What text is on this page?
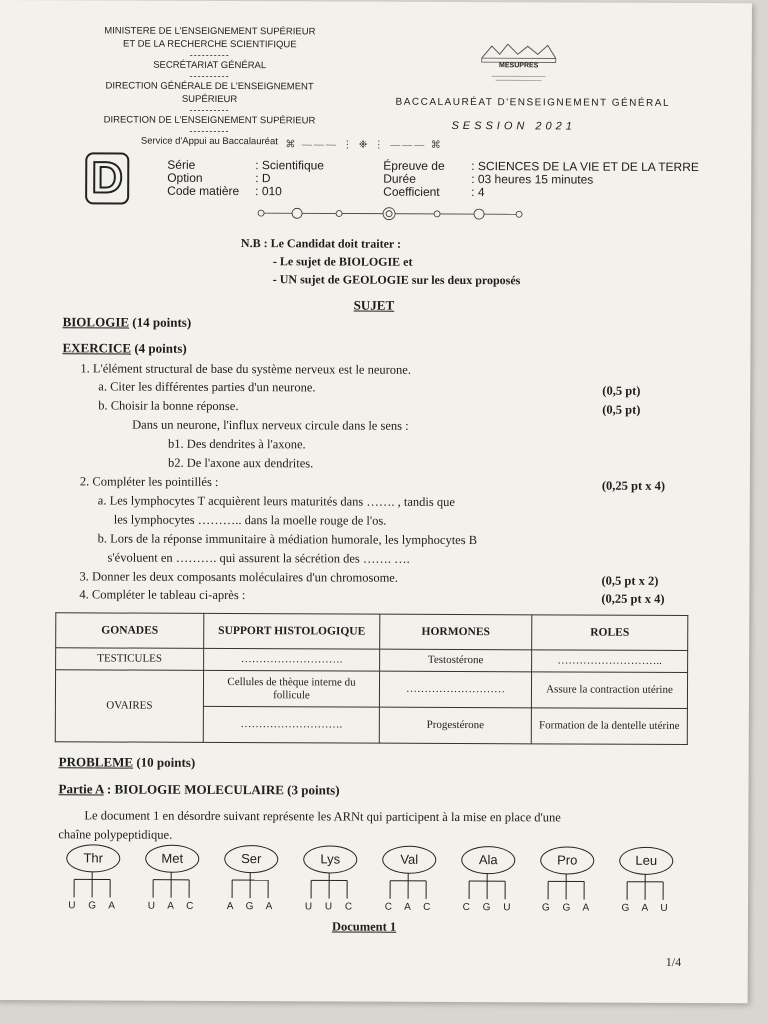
MINISTERE DE L'ENSEIGNEMENT SUPÉRIEUR
ET DE LA RECHERCHE SCIENTIFIQUE
----------
SECRÉTARIAT GÉNÉRAL
----------
DIRECTION GÉNÉRALE DE L'ENSEIGNEMENT SUPÉRIEUR
----------
DIRECTION DE L'ENSEIGNEMENT SUPÉRIEUR
----------
Service d'Appui au Baccalauréat
MESUPRES
BACCALAURÉAT D'ENSEIGNEMENT GÉNÉRAL
SESSION 2021
⌘ ——— ⋮ ❉ ⋮ ——— ⌘
D	Série	: Scientifique
Option	: D
Code matière	: 010
Épreuve de	: SCIENCES DE LA VIE ET DE LA TERRE
Durée	: 03 heures 15 minutes
Coefficient	: 4
N.B : Le Candidat doit traiter :
- Le sujet de BIOLOGIE et
- UN sujet de GEOLOGIE sur les deux proposés
SUJET
BIOLOGIE (14 points)
EXERCICE (4 points)
1. L'élément structural de base du système nerveux est le neurone.
a. Citer les différentes parties d'un neurone.	(0,5 pt)
b. Choisir la bonne réponse.	(0,5 pt)
Dans un neurone, l'influx nerveux circule dans le sens :
b1. Des dendrites à l'axone.
b2. De l'axone aux dendrites.
2. Compléter les pointillés :	(0,25 pt x 4)
a. Les lymphocytes T acquièrent leurs maturités dans ……. , tandis que
les lymphocytes ……….. dans la moelle rouge de l'os.
b. Lors de la réponse immunitaire à médiation humorale, les lymphocytes B
s'évoluent en ………. qui assurent la sécrétion des ……. ….
3. Donner les deux composants moléculaires d'un chromosome.	(0,5 pt x 2)
4. Compléter le tableau ci-après :	(0,25 pt x 4)
GONADES	SUPPORT HISTOLOGIQUE	HORMONES	ROLES
TESTICULES	……………………….	Testostérone	………………………..
OVAIRES	Cellules de thèque interne du follicule	………………………	Assure la contraction utérine
	……………………….	Progestérone	Formation de la dentelle utérine
PROBLEME (10 points)
Partie A : BIOLOGIE MOLECULAIRE (3 points)
Le document 1 en désordre suivant représente les ARNt qui participent à la mise en place d'une
chaîne polypeptidique.
Thr
U G A
Met
U A C
Ser
A G A
Lys
U U C
Val
C A C
Ala
C G U
Pro
G G A
Leu
G A U
Document 1
1/4
